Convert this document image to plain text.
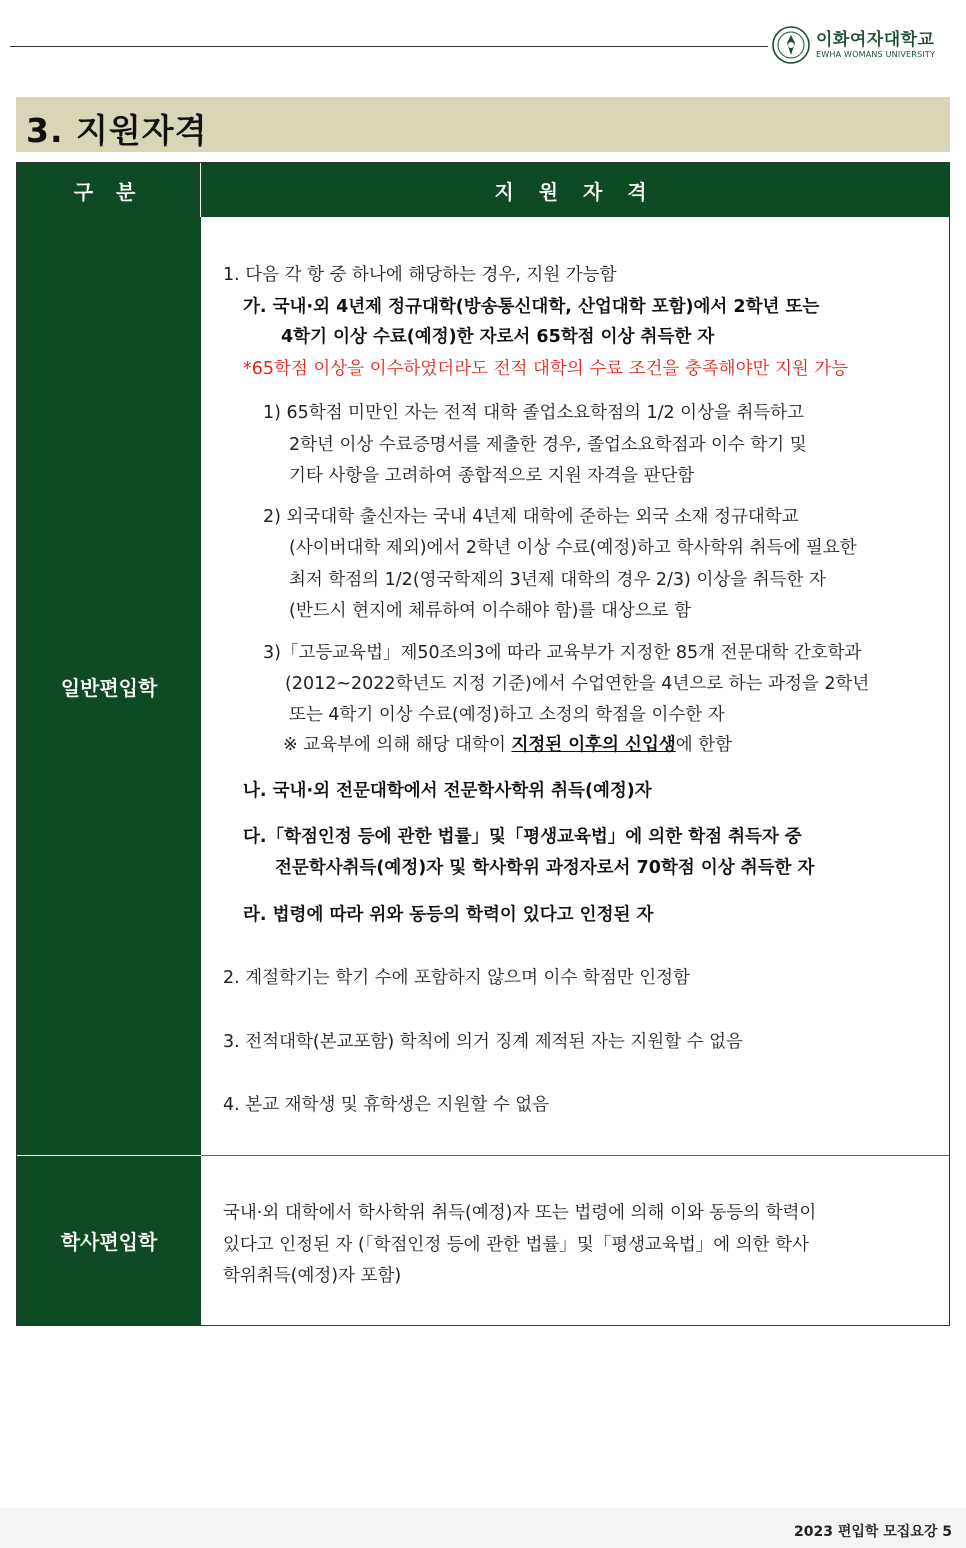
이화여자대학교
EWHA WOMANS UNIVERSITY
3. 지원자격
구 분	지 원 자 격
일반편입학
학사편입학
1. 다음 각 항 중 하나에 해당하는 경우, 지원 가능함
가. 국내·외 4년제 정규대학(방송통신대학, 산업대학 포함)에서 2학년 또는
4학기 이상 수료(예정)한 자로서 65학점 이상 취득한 자
*65학점 이상을 이수하였더라도 전적 대학의 수료 조건을 충족해야만 지원 가능
1) 65학점 미만인 자는 전적 대학 졸업소요학점의 1/2 이상을 취득하고
2학년 이상 수료증명서를 제출한 경우, 졸업소요학점과 이수 학기 및
기타 사항을 고려하여 종합적으로 지원 자격을 판단함
2) 외국대학 출신자는 국내 4년제 대학에 준하는 외국 소재 정규대학교
(사이버대학 제외)에서 2학년 이상 수료(예정)하고 학사학위 취득에 필요한
최저 학점의 1/2(영국학제의 3년제 대학의 경우 2/3) 이상을 취득한 자
(반드시 현지에 체류하여 이수해야 함)를 대상으로 함
3)「고등교육법」제50조의3에 따라 교육부가 지정한 85개 전문대학 간호학과
(2012~2022학년도 지정 기준)에서 수업연한을 4년으로 하는 과정을 2학년
또는 4학기 이상 수료(예정)하고 소정의 학점을 이수한 자
※ 교육부에 의해 해당 대학이 지정된 이후의 신입생에 한함
나. 국내·외 전문대학에서 전문학사학위 취득(예정)자
다.「학점인정 등에 관한 법률」및「평생교육법」에 의한 학점 취득자 중
전문학사취득(예정)자 및 학사학위 과정자로서 70학점 이상 취득한 자
라. 법령에 따라 위와 동등의 학력이 있다고 인정된 자
2. 계절학기는 학기 수에 포함하지 않으며 이수 학점만 인정함
3. 전적대학(본교포함) 학칙에 의거 징계 제적된 자는 지원할 수 없음
4. 본교 재학생 및 휴학생은 지원할 수 없음
국내·외 대학에서 학사학위 취득(예정)자 또는 법령에 의해 이와 동등의 학력이
있다고 인정된 자 (「학점인정 등에 관한 법률」및「평생교육법」에 의한 학사
학위취득(예정)자 포함)
2023 편입학 모집요강 5
